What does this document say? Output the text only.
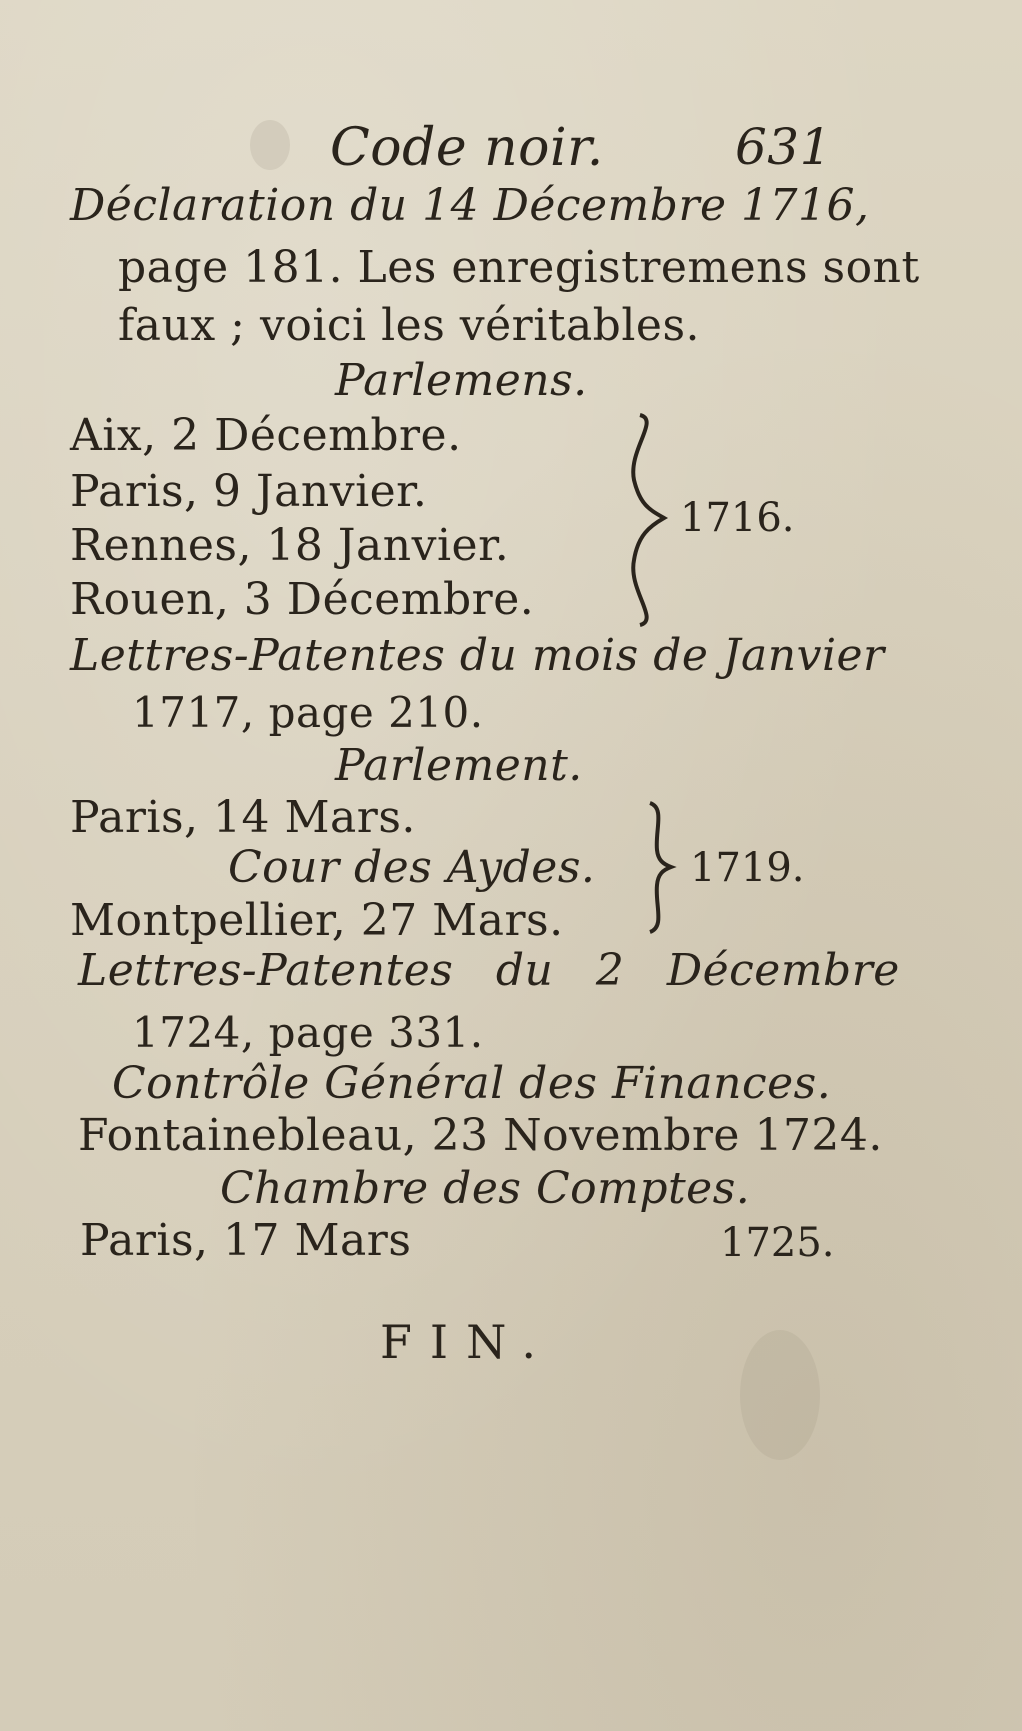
Code noir.	631
Déclaration du 14 Décembre 1716,
page 181. Les enregistremens sont
faux ; voici les véritables.
Parlemens.
Aix, 2 Décembre.
Paris, 9 Janvier.
Rennes, 18 Janvier.
Rouen, 3 Décembre.
1716.
Lettres-Patentes du mois de Janvier
1717, page 210.
Parlement.
Paris, 14 Mars.
Cour des Aydes.
Montpellier, 27 Mars.
1719.
Lettres-Patentes du 2 Décembre
1724, page 331.
Contrôle Général des Finances.
Fontainebleau, 23 Novembre 1724.
Chambre des Comptes.
Paris, 17 Mars	1725.
FIN.
